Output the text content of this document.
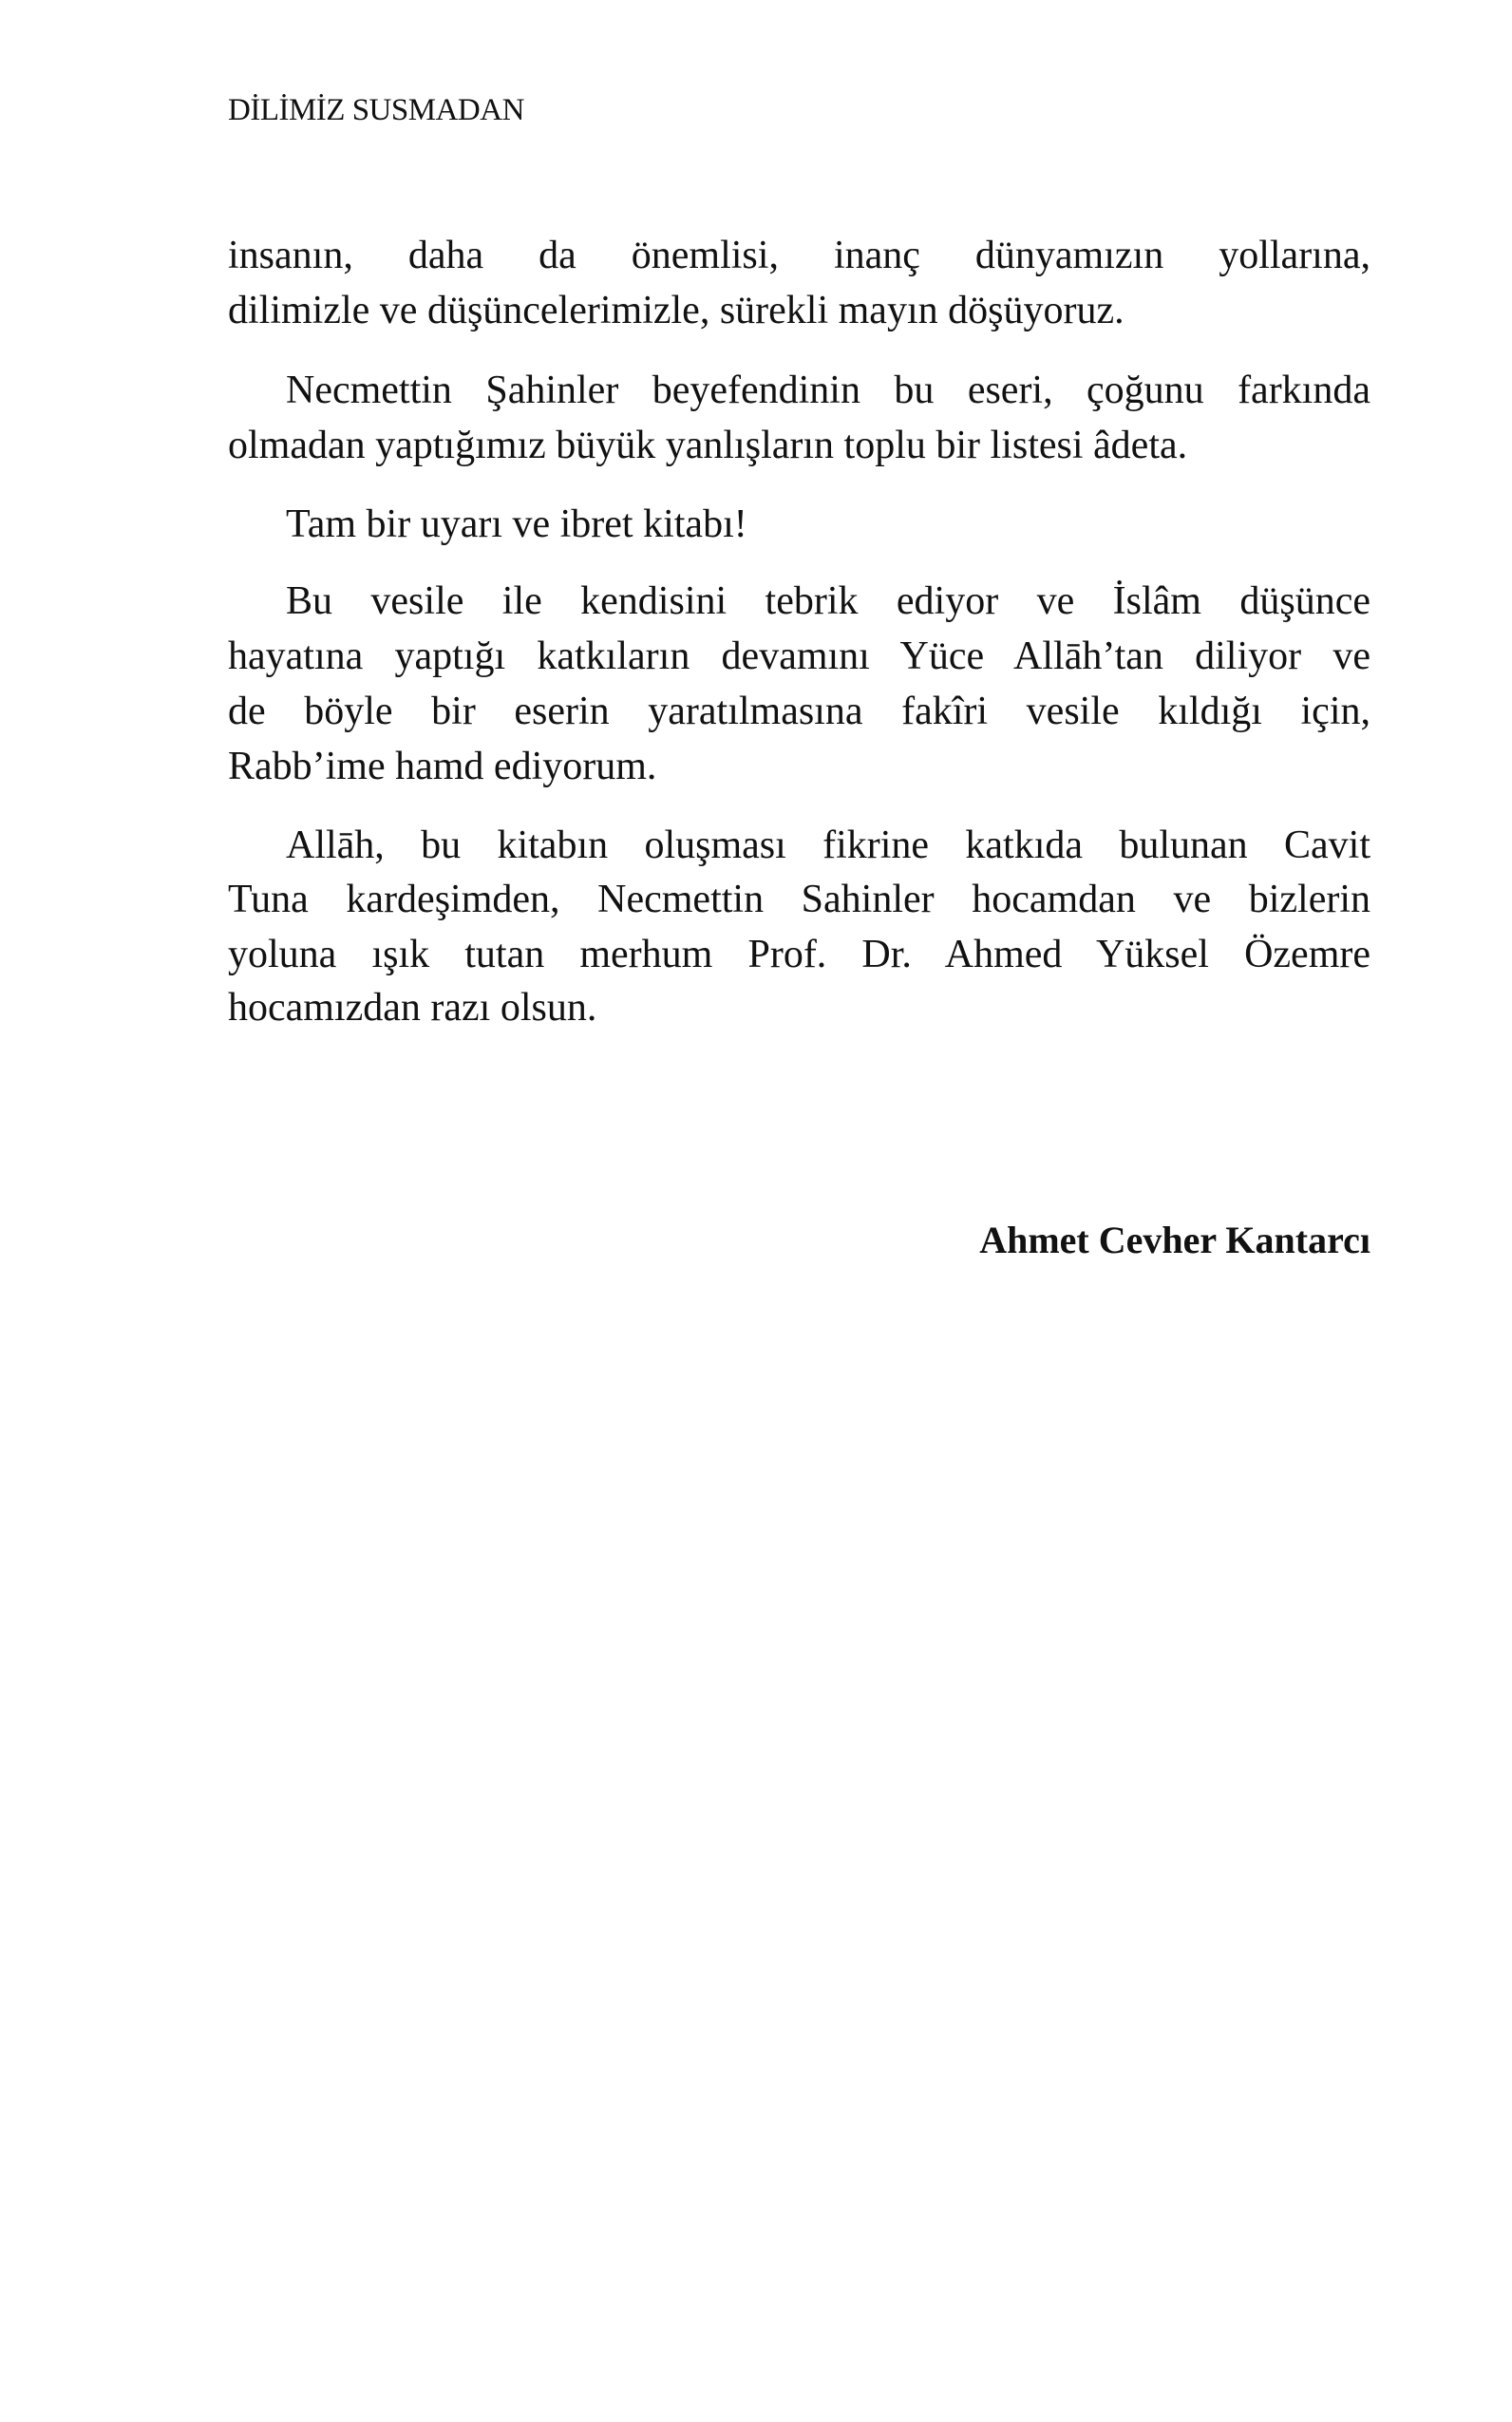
DİLİMİZ SUSMADAN
insanın, daha da önemlisi, inanç dünyamızın yollarına,
dilimizle ve düşüncelerimizle, sürekli mayın döşüyoruz.
Necmettin Şahinler beyefendinin bu eseri, çoğunu farkında
olmadan yaptığımız büyük yanlışların toplu bir listesi âdeta.
Tam bir uyarı ve ibret kitabı!
Bu vesile ile kendisini tebrik ediyor ve İslâm düşünce
hayatına yaptığı katkıların devamını Yüce Allāh’tan diliyor ve
de böyle bir eserin yaratılmasına fakîri vesile kıldığı için,
Rabb’ime hamd ediyorum.
Allāh, bu kitabın oluşması fikrine katkıda bulunan Cavit
Tuna kardeşimden, Necmettin Sahinler hocamdan ve bizlerin
yoluna ışık tutan merhum Prof. Dr. Ahmed Yüksel Özemre
hocamızdan razı olsun.
Ahmet Cevher Kantarcı
